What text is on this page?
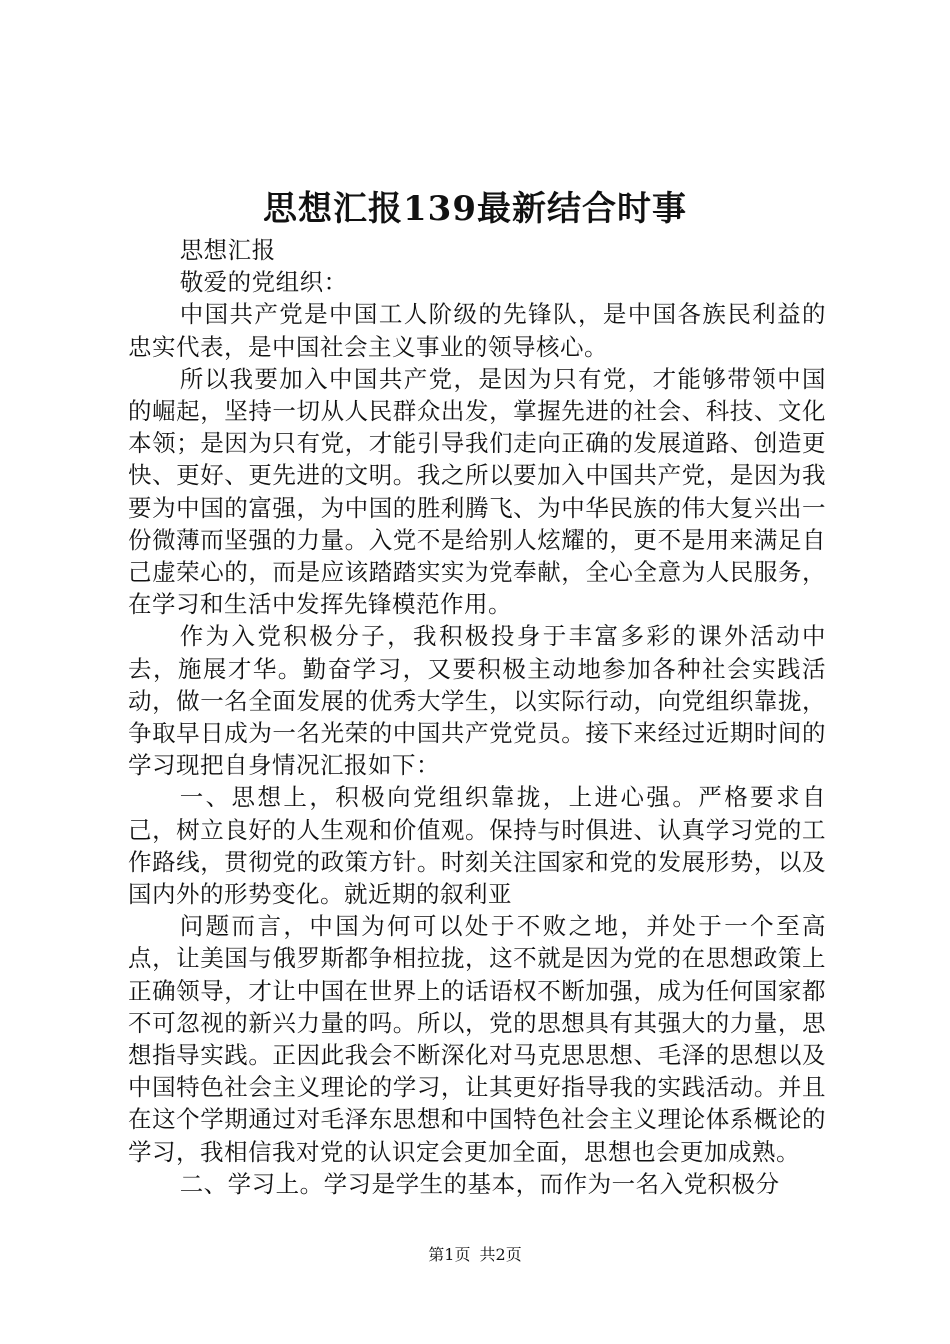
思想汇报139最新结合时事

思想汇报

敬爱的党组织：

中国共产党是中国工人阶级的先锋队，是中国各族民利益的忠实代表，是中国社会主义事业的领导核心。

所以我要加入中国共产党，是因为只有党，才能够带领中国的崛起，坚持一切从人民群众出发，掌握先进的社会、科技、文化本领；是因为只有党，才能引导我们走向正确的发展道路、创造更快、更好、更先进的文明。我之所以要加入中国共产党，是因为我要为中国的富强，为中国的胜利腾飞、为中华民族的伟大复兴出一份微薄而坚强的力量。入党不是给别人炫耀的，更不是用来满足自己虚荣心的，而是应该踏踏实实为党奉献，全心全意为人民服务，在学习和生活中发挥先锋模范作用。

作为入党积极分子，我积极投身于丰富多彩的课外活动中去，施展才华。勤奋学习，又要积极主动地参加各种社会实践活动，做一名全面发展的优秀大学生，以实际行动，向党组织靠拢，争取早日成为一名光荣的中国共产党党员。接下来经过近期时间的学习现把自身情况汇报如下：

一、思想上，积极向党组织靠拢，上进心强。严格要求自己，树立良好的人生观和价值观。保持与时俱进、认真学习党的工作路线，贯彻党的政策方针。时刻关注国家和党的发展形势，以及国内外的形势变化。就近期的叙利亚

问题而言，中国为何可以处于不败之地，并处于一个至高点，让美国与俄罗斯都争相拉拢，这不就是因为党的在思想政策上正确领导，才让中国在世界上的话语权不断加强，成为任何国家都不可忽视的新兴力量的吗。所以，党的思想具有其强大的力量，思想指导实践。正因此我会不断深化对马克思思想、毛泽的思想以及中国特色社会主义理论的学习，让其更好指导我的实践活动。并且在这个学期通过对毛泽东思想和中国特色社会主义理论体系概论的学习，我相信我对党的认识定会更加全面，思想也会更加成熟。

二、学习上。学习是学生的基本，而作为一名入党积极分

第1页 共2页
